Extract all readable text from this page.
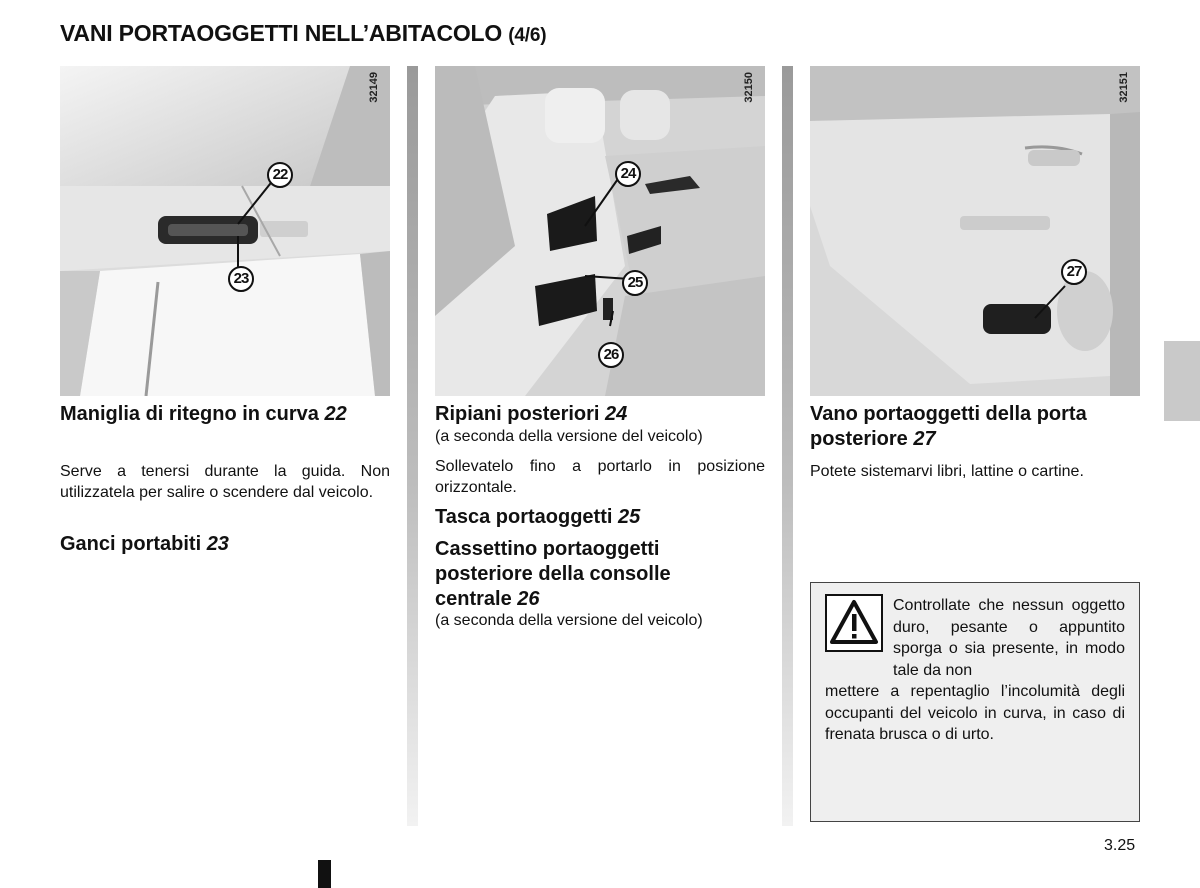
VANI PORTAOGGETTI NELL’ABITACOLO (4/6)
32149
22
23
32150
24
25
26
32151
27
Maniglia di ritegno in curva 22
Serve a tenersi durante la guida. Non utilizzatela per salire o scendere dal veicolo.
Ganci portabiti 23
Ripiani posteriori 24
(a seconda della versione del veicolo)
Sollevatelo fino a portarlo in posizione orizzontale.
Tasca portaoggetti 25
Cassettino portaoggetti posteriore della consolle centrale 26
(a seconda della versione del veicolo)
Vano portaoggetti della porta posteriore 27
Potete sistemarvi libri, lattine o cartine.
Controllate che nessun oggetto duro, pesante o appuntito sporga o sia presente, in modo tale da non
mettere a repentaglio l’incolumità degli occupanti del veicolo in curva, in caso di frenata brusca o di urto.
3.25
